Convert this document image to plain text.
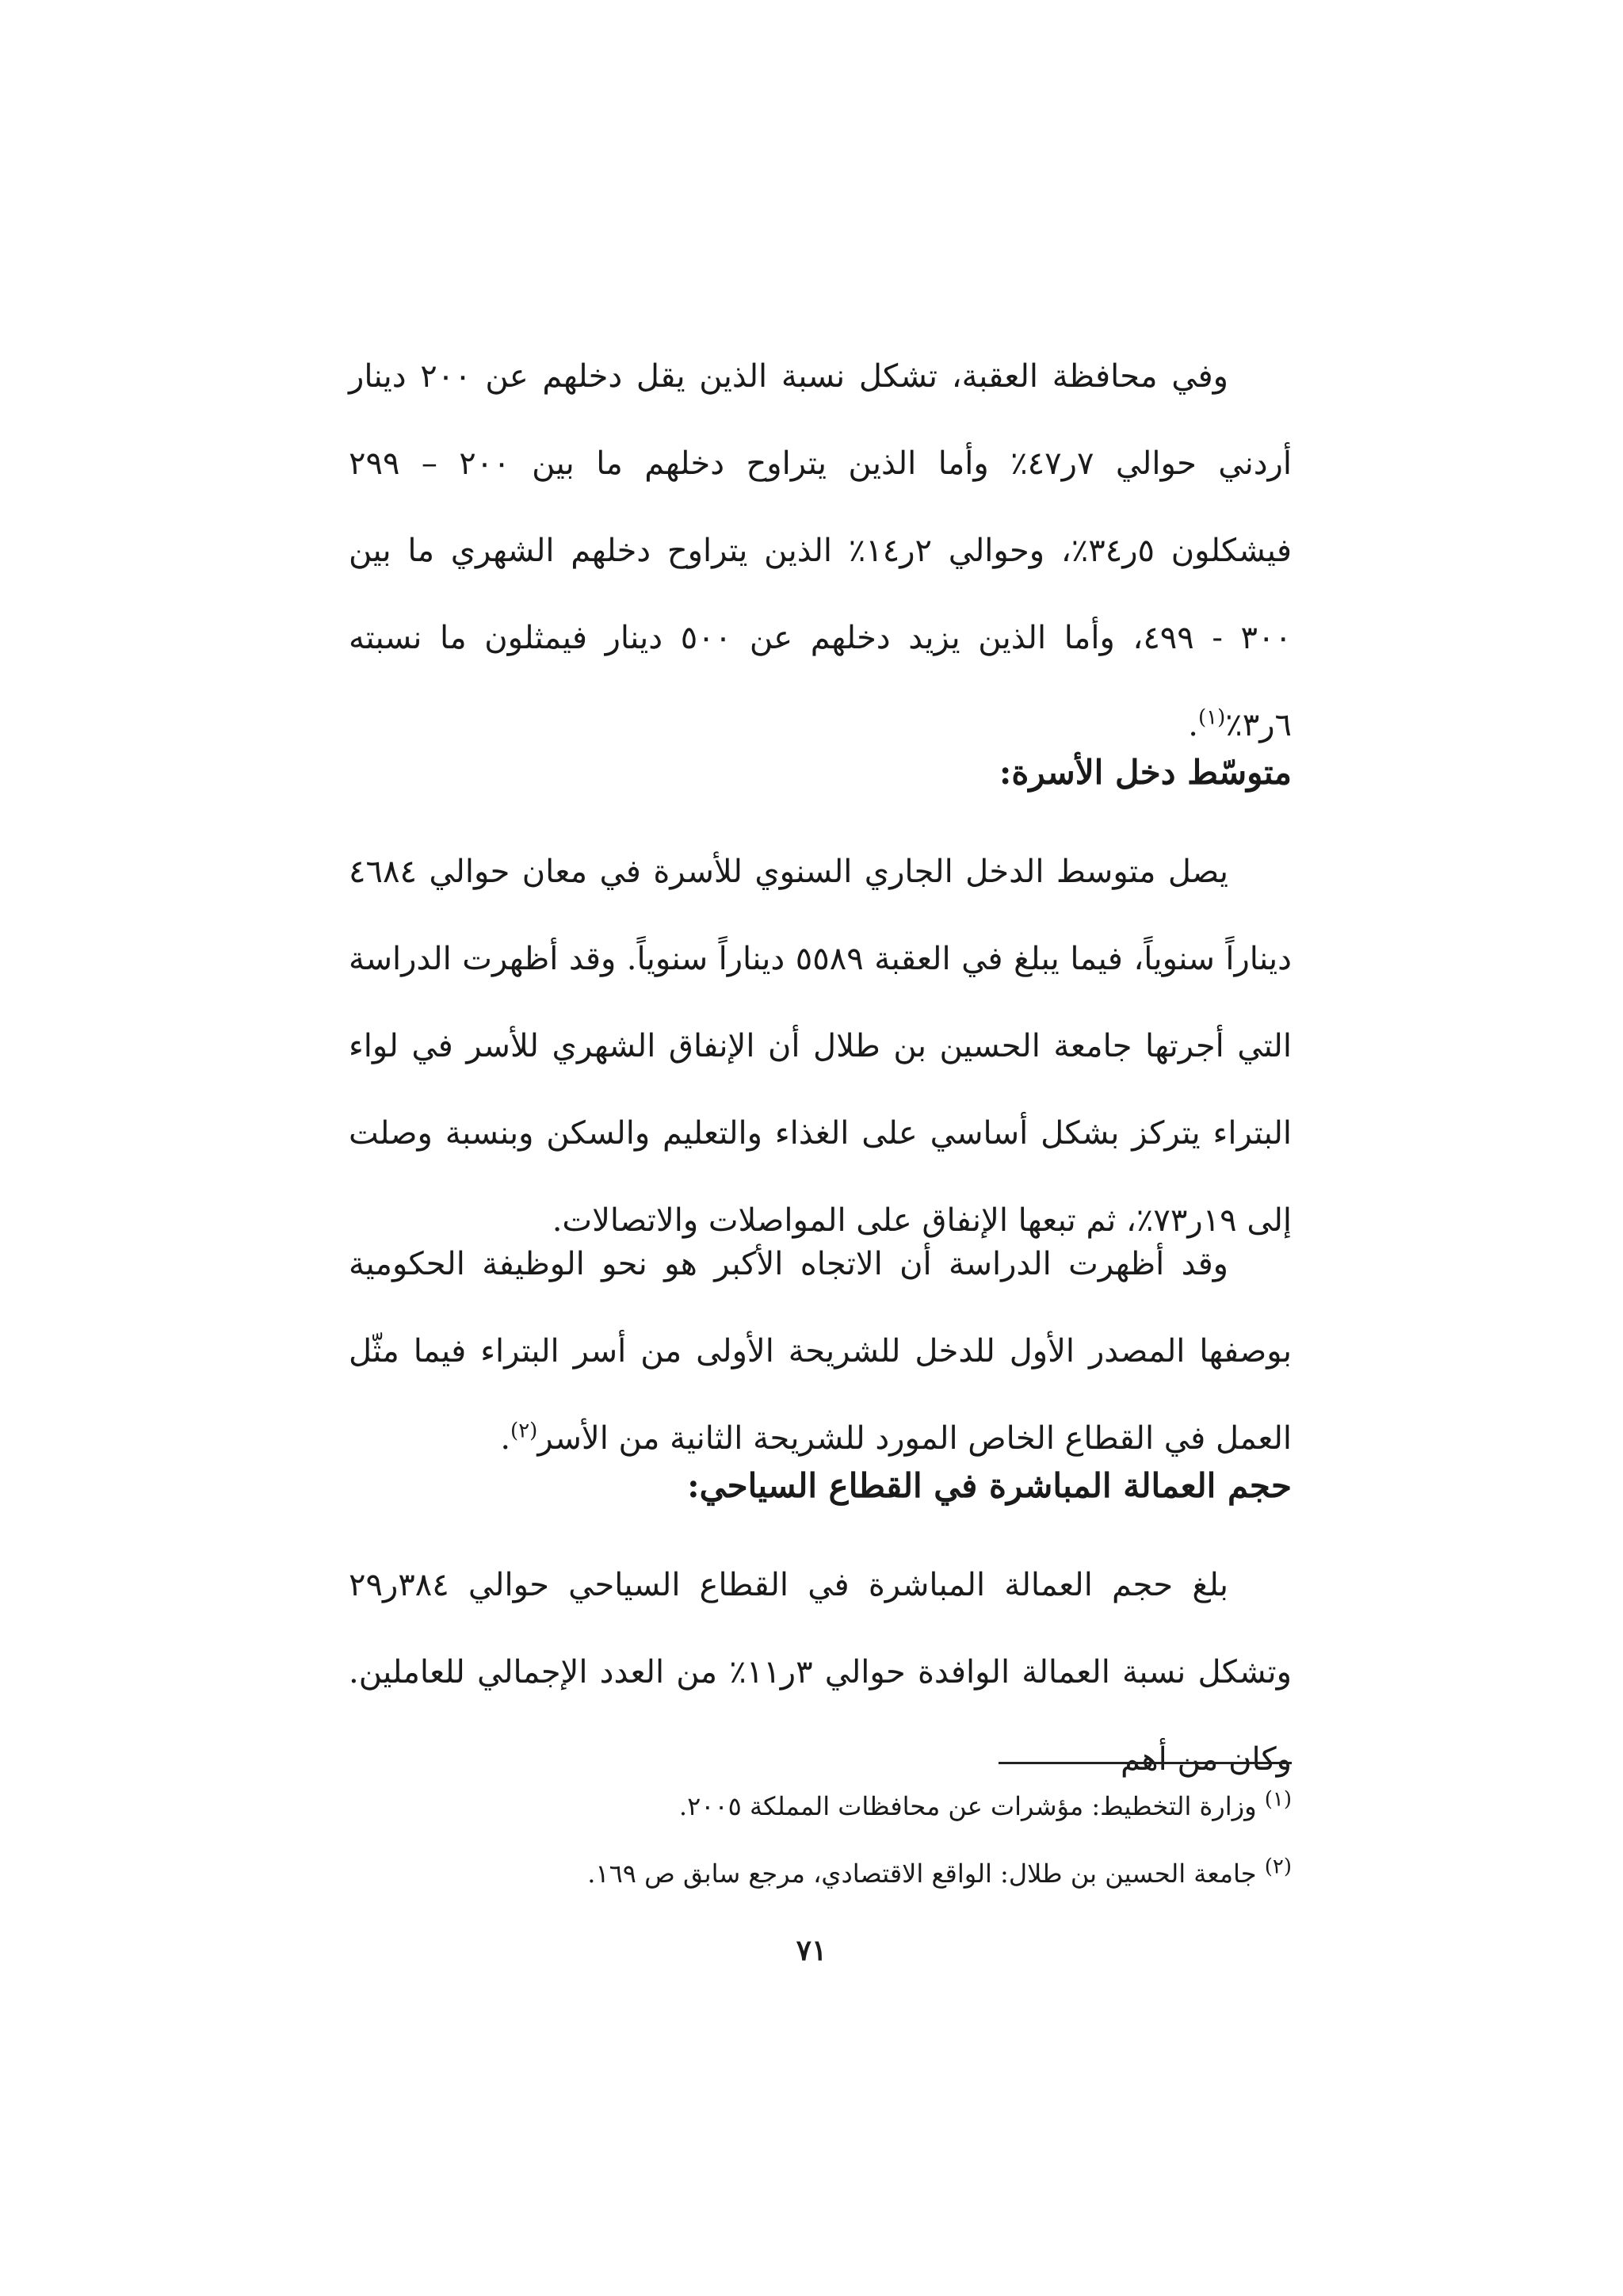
وفي محافظة العقبة، تشكل نسبة الذين يقل دخلهم عن ٢٠٠ دينار أردني حوالي ٧ر٤٧٪ وأما الذين يتراوح دخلهم ما بين ٢٠٠ – ٢٩٩ فيشكلون ٥ر٣٤٪، وحوالي ٢ر١٤٪ الذين يتراوح دخلهم الشهري ما بين ٣٠٠ - ٤٩٩، وأما الذين يزيد دخلهم عن ٥٠٠ دينار فيمثلون ما نسبته ٦ر٣٪$^{(١)}$.

متوسّط دخل الأسرة:

يصل متوسط الدخل الجاري السنوي للأسرة في معان حوالي ٤٦٨٤ ديناراً سنوياً، فيما يبلغ في العقبة ٥٥٨٩ ديناراً سنوياً. وقد أظهرت الدراسة التي أجرتها جامعة الحسين بن طلال أن الإنفاق الشهري للأسر في لواء البتراء يتركز بشكل أساسي على الغذاء والتعليم والسكن وبنسبة وصلت إلى ١٩ر٧٣٪، ثم تبعها الإنفاق على المواصلات والاتصالات.

وقد أظهرت الدراسة أن الاتجاه الأكبر هو نحو الوظيفة الحكومية بوصفها المصدر الأول للدخل للشريحة الأولى من أسر البتراء فيما مثّل العمل في القطاع الخاص المورد للشريحة الثانية من الأسر$^{(٢)}$.

حجم العمالة المباشرة في القطاع السياحي:

بلغ حجم العمالة المباشرة في القطاع السياحي حوالي ٣٨٤ر٢٩ وتشكل نسبة العمالة الوافدة حوالي ٣ر١١٪ من العدد الإجمالي للعاملين. وكان من أهم

$^{(١)}$ وزارة التخطيط: مؤشرات عن محافظات المملكة ٢٠٠٥.

$^{(٢)}$ جامعة الحسين بن طلال: الواقع الاقتصادي، مرجع سابق ص ١٦٩.

٧١
